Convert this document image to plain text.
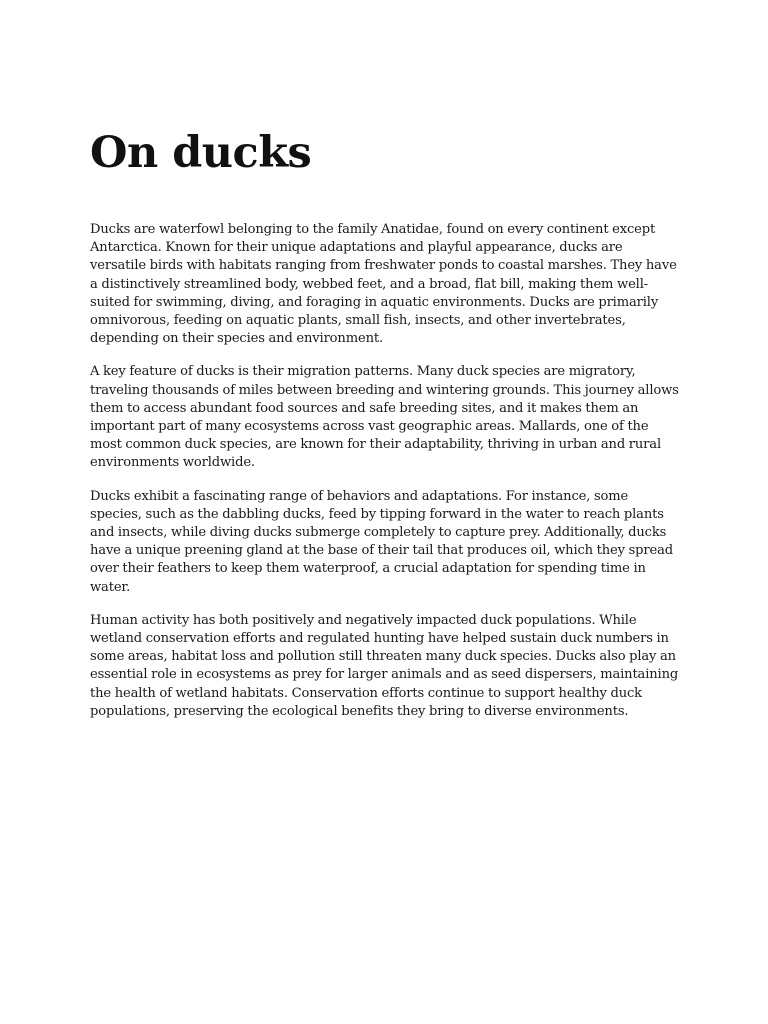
On ducks

Ducks are waterfowl belonging to the family Anatidae, found on every continent except Antarctica. Known for their unique adaptations and playful appearance, ducks are versatile birds with habitats ranging from freshwater ponds to coastal marshes. They have a distinctively streamlined body, webbed feet, and a broad, flat bill, making them well-suited for swimming, diving, and foraging in aquatic environments. Ducks are primarily omnivorous, feeding on aquatic plants, small fish, insects, and other invertebrates, depending on their species and environment.

A key feature of ducks is their migration patterns. Many duck species are migratory, traveling thousands of miles between breeding and wintering grounds. This journey allows them to access abundant food sources and safe breeding sites, and it makes them an important part of many ecosystems across vast geographic areas. Mallards, one of the most common duck species, are known for their adaptability, thriving in urban and rural environments worldwide.

Ducks exhibit a fascinating range of behaviors and adaptations. For instance, some species, such as the dabbling ducks, feed by tipping forward in the water to reach plants and insects, while diving ducks submerge completely to capture prey. Additionally, ducks have a unique preening gland at the base of their tail that produces oil, which they spread over their feathers to keep them waterproof, a crucial adaptation for spending time in water.

Human activity has both positively and negatively impacted duck populations. While wetland conservation efforts and regulated hunting have helped sustain duck numbers in some areas, habitat loss and pollution still threaten many duck species. Ducks also play an essential role in ecosystems as prey for larger animals and as seed dispersers, maintaining the health of wetland habitats. Conservation efforts continue to support healthy duck populations, preserving the ecological benefits they bring to diverse environments.
